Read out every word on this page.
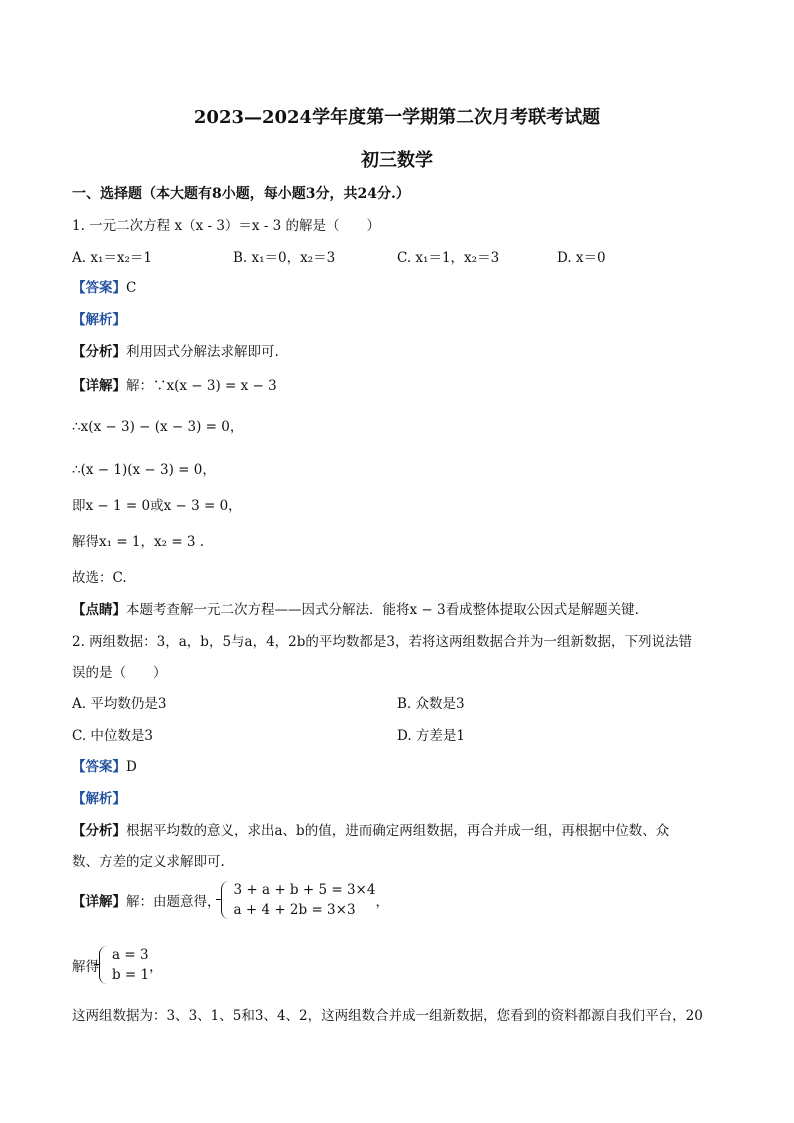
2023—2024学年度第一学期第二次月考联考试题
初三数学
一、选择题（本大题有8小题，每小题3分，共24分.）
1. 一元二次方程 x（x - 3）＝x - 3 的解是（　　）
A. x₁＝x₂＝1	B. x₁＝0，x₂＝3	C. x₁＝1，x₂＝3	D. x＝0
【答案】C
【解析】
【分析】利用因式分解法求解即可.
【详解】解：∵x(x − 3) = x − 3
∴x(x − 3) − (x − 3) = 0，
∴(x − 1)(x − 3) = 0，
即x − 1 = 0或x − 3 = 0，
解得x₁ = 1，x₂ = 3 .
故选：C.
【点睛】本题考查解一元二次方程——因式分解法．能将x − 3看成整体提取公因式是解题关键.
2. 两组数据：3，a，b，5与a，4，2b的平均数都是3，若将这两组数据合并为一组新数据，下列说法错
误的是（　　）
A. 平均数仍是3	B. 众数是3
C. 中位数是3	D. 方差是1
【答案】D
【解析】
【分析】根据平均数的意义，求出a、b的值，进而确定两组数据，再合并成一组，再根据中位数、众
数、方差的定义求解即可.
【详解】解：由题意得，3 + a + b + 5 = 3×4
a + 4 + 2b = 3×3 ，
解得a = 3
b = 1，
这两组数据为：3、3、1、5和3、4、2，这两组数合并成一组新数据，您看到的资料都源自我们平台，20
